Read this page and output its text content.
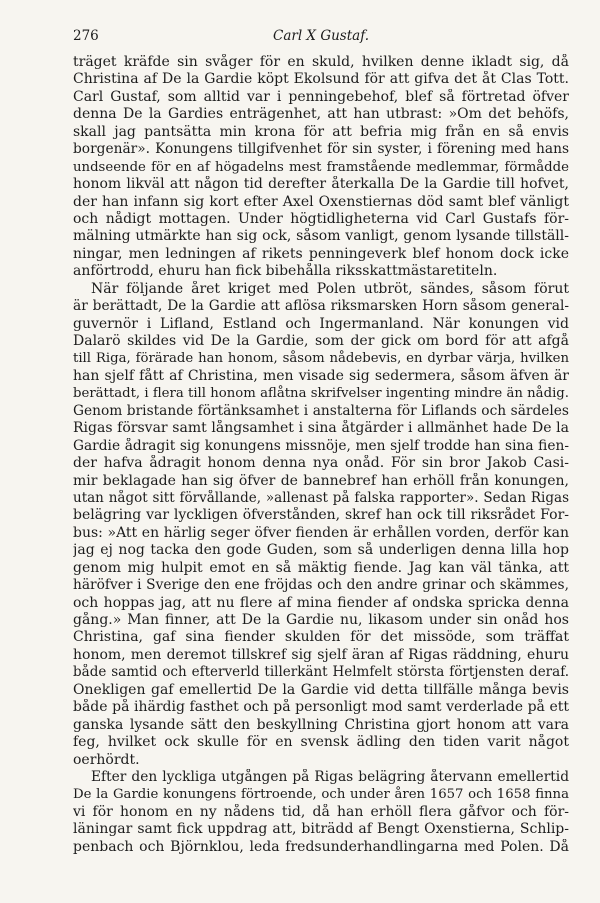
276	Carl X Gustaf.
träget kräfde sin svåger för en skuld, hvilken denne ikladt sig, då
Christina af De la Gardie köpt Ekolsund för att gifva det åt Clas Tott.
Carl Gustaf, som alltid var i penningebehof, blef så förtretad öfver
denna De la Gardies enträgenhet, att han utbrast: »Om det behöfs,
skall jag pantsätta min krona för att befria mig från en så envis
borgenär». Konungens tillgifvenhet för sin syster, i förening med hans
undseende för en af högadelns mest framstående medlemmar, förmådde
honom likväl att någon tid derefter återkalla De la Gardie till hofvet,
der han infann sig kort efter Axel Oxenstiernas död samt blef vänligt
och nådigt mottagen. Under högtidligheterna vid Carl Gustafs för-
mälning utmärkte han sig ock, såsom vanligt, genom lysande tillställ-
ningar, men ledningen af rikets penningeverk blef honom dock icke
anförtrodd, ehuru han fick bibehålla riksskattmästaretiteln.
När följande året kriget med Polen utbröt, sändes, såsom förut
är berättadt, De la Gardie att aflösa riksmarsken Horn såsom general-
guvernör i Lifland, Estland och Ingermanland. När konungen vid
Dalarö skildes vid De la Gardie, som der gick om bord för att afgå
till Riga, förärade han honom, såsom nådebevis, en dyrbar värja, hvilken
han sjelf fått af Christina, men visade sig sedermera, såsom äfven är
berättadt, i flera till honom aflåtna skrifvelser ingenting mindre än nådig.
Genom bristande förtänksamhet i anstalterna för Liflands och särdeles
Rigas försvar samt långsamhet i sina åtgärder i allmänhet hade De la
Gardie ådragit sig konungens missnöje, men sjelf trodde han sina fien-
der hafva ådragit honom denna nya onåd. För sin bror Jakob Casi-
mir beklagade han sig öfver de bannebref han erhöll från konungen,
utan något sitt förvållande, »allenast på falska rapporter». Sedan Rigas
belägring var lyckligen öfverstånden, skref han ock till riksrådet For-
bus: »Att en härlig seger öfver fienden är erhållen vorden, derför kan
jag ej nog tacka den gode Guden, som så underligen denna lilla hop
genom mig hulpit emot en så mäktig fiende. Jag kan väl tänka, att
häröfver i Sverige den ene fröjdas och den andre grinar och skämmes,
och hoppas jag, att nu flere af mina fiender af ondska spricka denna
gång.» Man finner, att De la Gardie nu, likasom under sin onåd hos
Christina, gaf sina fiender skulden för det missöde, som träffat
honom, men deremot tillskref sig sjelf äran af Rigas räddning, ehuru
både samtid och efterverld tillerkänt Helmfelt största förtjensten deraf.
Onekligen gaf emellertid De la Gardie vid detta tillfälle många bevis
både på ihärdig fasthet och på personligt mod samt verderlade på ett
ganska lysande sätt den beskyllning Christina gjort honom att vara
feg, hvilket ock skulle för en svensk ädling den tiden varit något
oerhördt.
Efter den lyckliga utgången på Rigas belägring återvann emellertid
De la Gardie konungens förtroende, och under åren 1657 och 1658 finna
vi för honom en ny nådens tid, då han erhöll flera gåfvor och för-
läningar samt fick uppdrag att, biträdd af Bengt Oxenstierna, Schlip-
penbach och Björnklou, leda fredsunderhandlingarna med Polen. Då
